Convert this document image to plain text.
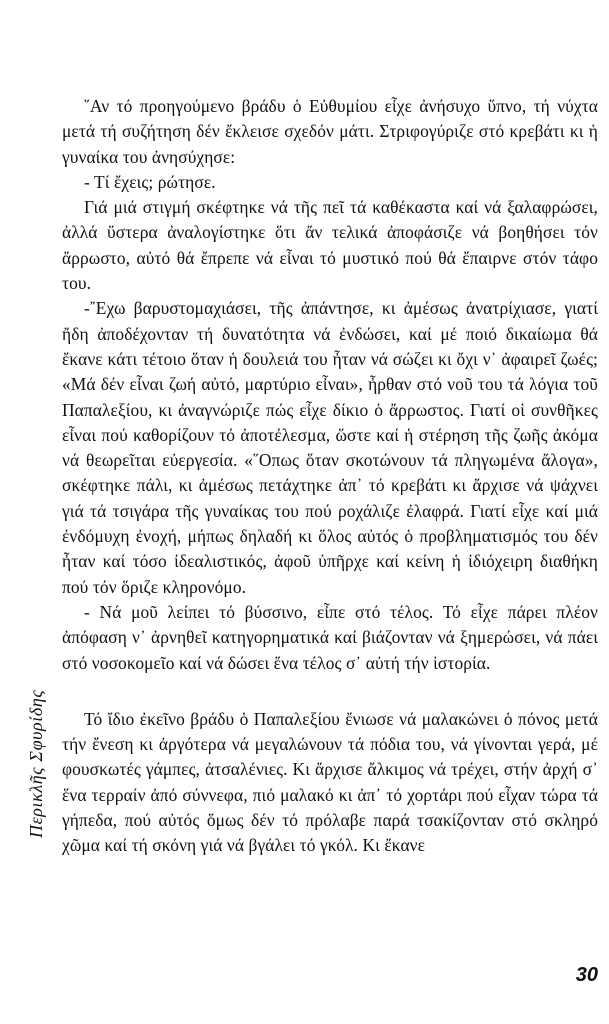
῞Αν τό προηγούμενο βράδυ ὁ Εὐθυμίου εἶχε ἀνήσυχο ὕπνο, τή νύχτα μετά τή συζήτηση δέν ἔκλεισε σχεδόν μάτι. Στριφογύριζε στό κρεβάτι κι ἡ γυναίκα του ἀνησύχησε:

- Τί ἔχεις; ρώτησε.

Γιά μιά στιγμή σκέφτηκε νά τῆς πεῖ τά καθέκαστα καί νά ξαλαφρώσει, ἀλλά ὕστερα ἀναλογίστηκε ὅτι ἄν τελικά ἀποφάσιζε νά βοηθήσει τόν ἄρρωστο, αὐτό θά ἔπρεπε νά εἶναι τό μυστικό πού θά ἔπαιρνε στόν τάφο του.

-῎Εχω βαρυστομαχιάσει, τῆς ἀπάντησε, κι ἀμέσως ἀνατρίχιασε, γιατί ἤδη ἀποδέχονταν τή δυνατότητα νά ἐνδώσει, καί μέ ποιό δικαίωμα θά ἔκανε κάτι τέτοιο ὅταν ἡ δουλειά του ἦταν νά σώζει κι ὄχι ν᾽ ἀφαιρεῖ ζωές; «Μά δέν εἶναι ζωή αὐτό, μαρτύριο εἶναι», ἦρθαν στό νοῦ του τά λόγια τοῦ Παπαλεξίου, κι ἀναγνώριζε πώς εἶχε δίκιο ὁ ἄρρωστος. Γιατί οἱ συνθῆκες εἶναι πού καθορίζουν τό ἀποτέλεσμα, ὥστε καί ἡ στέρηση τῆς ζωῆς ἀκόμα νά θεωρεῖται εὐεργεσία. «῞Οπως ὅταν σκοτώνουν τά πληγωμένα ἄλογα», σκέφτηκε πάλι, κι ἀμέσως πετάχτηκε ἀπ᾽ τό κρεβάτι κι ἄρχισε νά ψάχνει γιά τά τσιγάρα τῆς γυναίκας του πού ροχάλιζε ἐλαφρά. Γιατί εἶχε καί μιά ἐνδόμυχη ἐνοχή, μήπως δηλαδή κι ὅλος αὐτός ὁ προβληματισμός του δέν ἦταν καί τόσο ἰδεαλιστικός, ἀφοῦ ὑπῆρχε καί κείνη ἡ ἰδιόχειρη διαθήκη πού τόν ὅριζε κληρονόμο.

- Νά μοῦ λείπει τό βύσσινο, εἶπε στό τέλος. Τό εἶχε πάρει πλέον ἀπόφαση ν᾽ ἀρνηθεῖ κατηγορηματικά καί βιάζονταν νά ξημερώσει, νά πάει στό νοσοκομεῖο καί νά δώσει ἕνα τέλος σ᾽ αὐτή τήν ἱστορία.

Τό ἴδιο ἐκεῖνο βράδυ ὁ Παπαλεξίου ἔνιωσε νά μαλακώνει ὁ πόνος μετά τήν ἔνεση κι ἀργότερα νά μεγαλώνουν τά πόδια του, νά γίνονται γερά, μέ φουσκωτές γάμπες, ἀτσαλένιες. Κι ἄρχισε ἄλκιμος νά τρέχει, στήν ἀρχή σ᾽ ἕνα τερραίν ἀπό σύννεφα, πιό μαλακό κι ἀπ᾽ τό χορτάρι πού εἶχαν τώρα τά γήπεδα, πού αὐτός ὅμως δέν τό πρόλαβε παρά τσακίζονταν στό σκληρό χῶμα καί τή σκόνη γιά νά βγάλει τό γκόλ. Κι ἔκανε

Περικλῆς Σφυρίδης
30
